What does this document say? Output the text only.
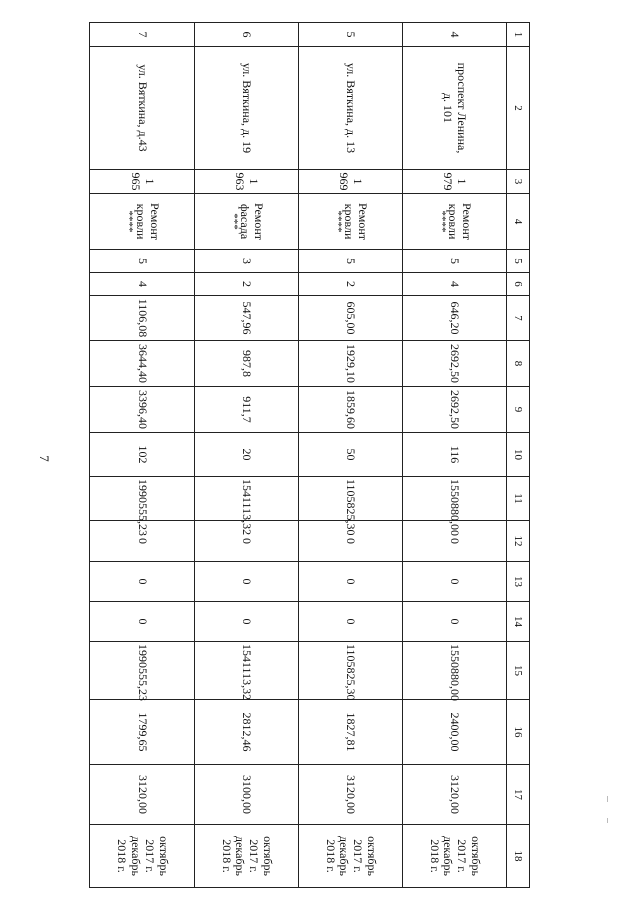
7
1	2	3	4	5	6	7	8	9	10	11	12	13	14	15	16	17	18
4	проспект Ленина,
д. 101	1 979	Ремонт кровли
****	5	4	646,20	2692,50	2692,50	116	1550880,00	0	0	0	1550880,00	2400,00	3120,00	октябрь 2017 г.
декабрь 2018 г.

5	ул. Вяткина, д. 13	1 969	Ремонт кровли
****	5	2	605,00	1929,10	1859,60	50	1105825,30	0	0	0	1105825,30	1827,81	3120,00	октябрь 2017 г.
декабрь 2018 г.

6	ул. Вяткина, д. 19	1 963	Ремонт фасада
***	3	2	547,96	987,8	911,7	20	1541113,32	0	0	0	1541113,32	2812,46	3100,00	октябрь 2017 г.
декабрь 2018 г.

7	ул. Вяткина, д.43	1 965	Ремонт кровли
****	5	4	1106,08	3644,40	3396,40	102	1990555,23	0	0	0	1990555,23	1799,65	3120,00	октябрь 2017 г.
декабрь 2018 г.
